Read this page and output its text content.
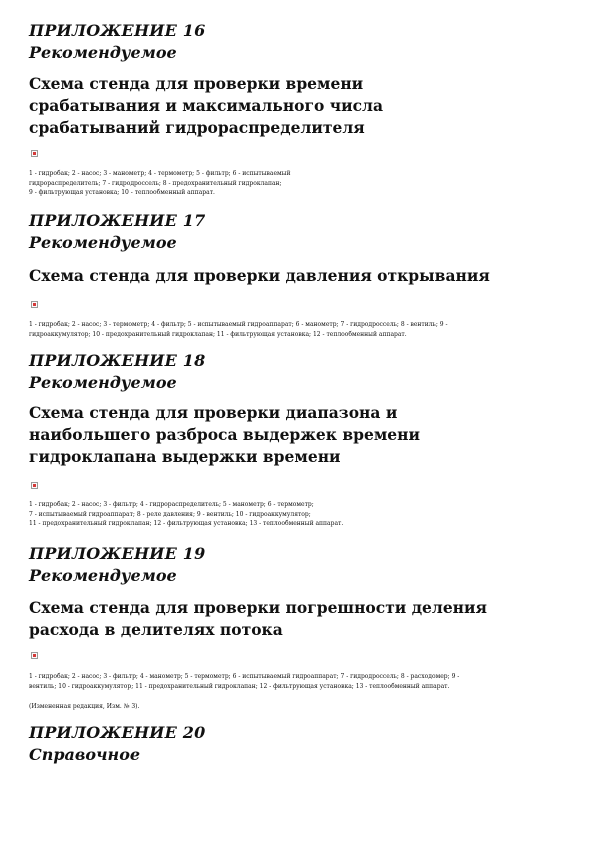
ПРИЛОЖЕНИЕ 16

Рекомендуемое

Схема стенда для проверки времени срабатывания и максимального числа срабатываний гидрораспределителя

1 - гидробак; 2 - насос; 3 - манометр; 4 - термометр; 5 - фильтр; 6 - испытываемый
гидрораспределитель; 7 - гидродроссель; 8 - предохранительный гидроклапан;
9 - фильтрующая установка; 10 - теплообменный аппарат.

ПРИЛОЖЕНИЕ 17

Рекомендуемое

Схема стенда для проверки давления открывания

1 - гидробак; 2 - насос; 3 - термометр; 4 - фильтр; 5 - испытываемый гидроаппарат; 6 - манометр; 7 - гидродроссель; 8 - вентиль; 9 -
гидроаккумулятор; 10 - предохранительный гидроклапан; 11 - фильтрующая установка; 12 - теплообменный аппарат.

ПРИЛОЖЕНИЕ 18

Рекомендуемое

Схема стенда для проверки диапазона и наибольшего разброса выдержек времени гидроклапана выдержки времени

1 - гидробак; 2 - насос; 3 - фильтр; 4 - гидрораспределитель; 5 - манометр; 6 - термометр;
7 - испытываемый гидроаппарат; 8 - реле давления; 9 - вентиль; 10 - гидроаккумулятор;
11 - предохранительный гидроклапан; 12 - фильтрующая установка; 13 - теплообменный аппарат.

ПРИЛОЖЕНИЕ 19

Рекомендуемое

Схема стенда для проверки погрешности деления расхода в делителях потока

1 - гидробак; 2 - насос; 3 - фильтр; 4 - манометр; 5 - термометр; 6 - испытываемый гидроаппарат; 7 - гидродроссель; 8 - расходомер; 9 -
вентиль; 10 - гидроаккумулятор; 11 - предохранительный гидроклапан; 12 - фильтрующая установка; 13 - теплообменный аппарат.

(Измененная редакция, Изм. № 3).

ПРИЛОЖЕНИЕ 20

Справочное
